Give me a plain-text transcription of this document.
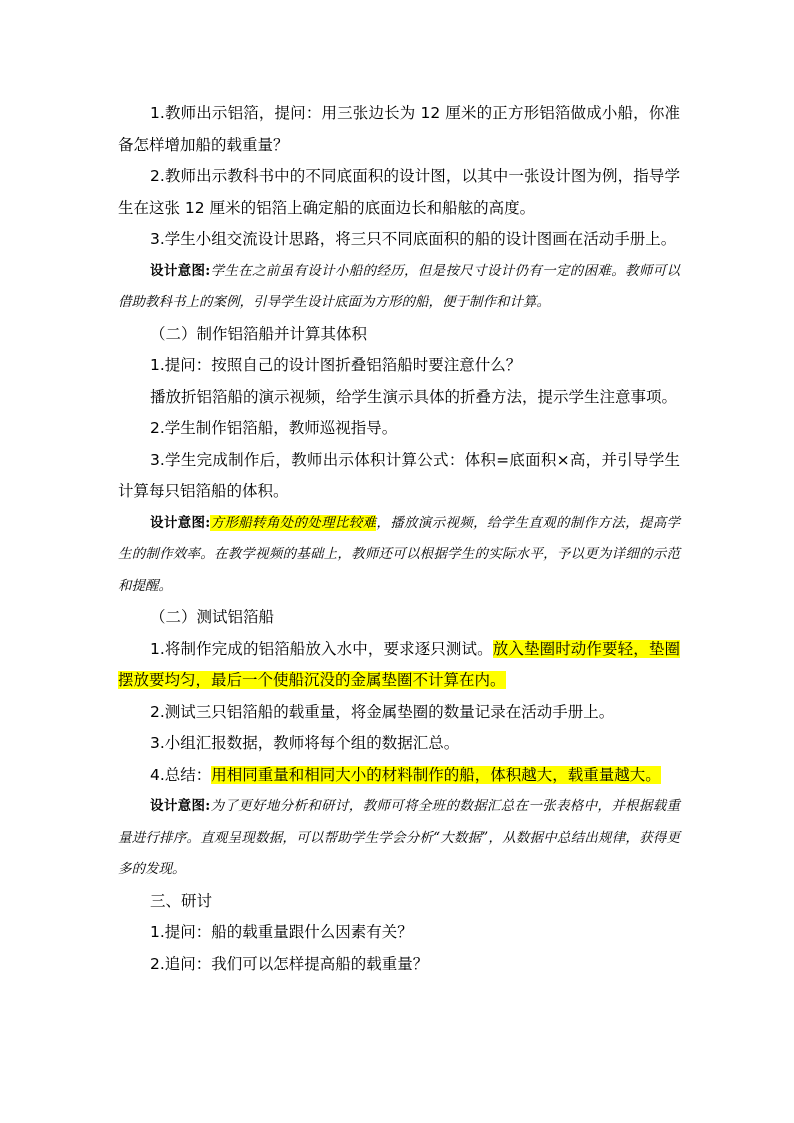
1.教师出示铝箔，提问：用三张边长为 12 厘米的正方形铝箔做成小船，你准备怎样增加船的载重量？

2.教师出示教科书中的不同底面积的设计图，以其中一张设计图为例，指导学生在这张 12 厘米的铝箔上确定船的底面边长和船舷的高度。

3.学生小组交流设计思路，将三只不同底面积的船的设计图画在活动手册上。

设计意图:学生在之前虽有设计小船的经历，但是按尺寸设计仍有一定的困难。教师可以借助教科书上的案例，引导学生设计底面为方形的船，便于制作和计算。

（二）制作铝箔船并计算其体积

1.提问：按照自己的设计图折叠铝箔船时要注意什么？

播放折铝箔船的演示视频，给学生演示具体的折叠方法，提示学生注意事项。

2.学生制作铝箔船，教师巡视指导。

3.学生完成制作后，教师出示体积计算公式：体积=底面积×高，并引导学生计算每只铝箔船的体积。

设计意图:方形船转角处的处理比较难，播放演示视频，给学生直观的制作方法，提高学生的制作效率。在教学视频的基础上，教师还可以根据学生的实际水平，予以更为详细的示范和提醒。

（二）测试铝箔船

1.将制作完成的铝箔船放入水中，要求逐只测试。放入垫圈时动作要轻，垫圈摆放要均匀，最后一个使船沉没的金属垫圈不计算在内。

2.测试三只铝箔船的载重量，将金属垫圈的数量记录在活动手册上。

3.小组汇报数据，教师将每个组的数据汇总。

4.总结：用相同重量和相同大小的材料制作的船，体积越大，载重量越大。

设计意图:为了更好地分析和研讨，教师可将全班的数据汇总在一张表格中，并根据载重量进行排序。直观呈现数据，可以帮助学生学会分析“大数据”，从数据中总结出规律，获得更多的发现。

三、研讨

1.提问：船的载重量跟什么因素有关？

2.追问：我们可以怎样提高船的载重量？
